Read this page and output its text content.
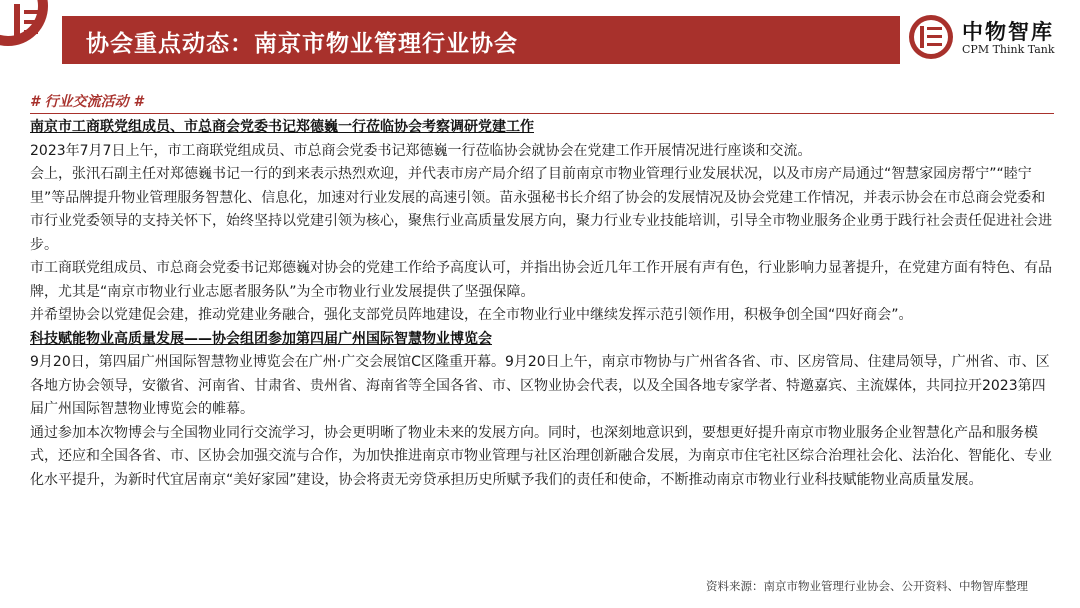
协会重点动态：南京市物业管理行业协会	中物智库
CPM Think Tank
# 行业交流活动 #

南京市工商联党组成员、市总商会党委书记郑德巍一行莅临协会考察调研党建工作

2023年7月7日上午，市工商联党组成员、市总商会党委书记郑德巍一行莅临协会就协会在党建工作开展情况进行座谈和交流。

会上，张汛石副主任对郑德巍书记一行的到来表示热烈欢迎，并代表市房产局介绍了目前南京市物业管理行业发展状况，以及市房产局通过“智慧家园房帮宁”“睦宁里”等品牌提升物业管理服务智慧化、信息化，加速对行业发展的高速引领。苗永强秘书长介绍了协会的发展情况及协会党建工作情况，并表示协会在市总商会党委和市行业党委领导的支持关怀下，始终坚持以党建引领为核心，聚焦行业高质量发展方向，聚力行业专业技能培训，引导全市物业服务企业勇于践行社会责任促进社会进步。

市工商联党组成员、市总商会党委书记郑德巍对协会的党建工作给予高度认可，并指出协会近几年工作开展有声有色，行业影响力显著提升，在党建方面有特色、有品牌，尤其是“南京市物业行业志愿者服务队”为全市物业行业发展提供了坚强保障。

并希望协会以党建促会建，推动党建业务融合，强化支部党员阵地建设，在全市物业行业中继续发挥示范引领作用，积极争创全国“四好商会”。

科技赋能物业高质量发展——协会组团参加第四届广州国际智慧物业博览会

9月20日，第四届广州国际智慧物业博览会在广州·广交会展馆C区隆重开幕。9月20日上午，南京市物协与广州省各省、市、区房管局、住建局领导，广州省、市、区各地方协会领导，安徽省、河南省、甘肃省、贵州省、海南省等全国各省、市、区物业协会代表，以及全国各地专家学者、特邀嘉宾、主流媒体，共同拉开2023第四届广州国际智慧物业博览会的帷幕。

通过参加本次物博会与全国物业同行交流学习，协会更明晰了物业未来的发展方向。同时，也深刻地意识到，要想更好提升南京市物业服务企业智慧化产品和服务模式，还应和全国各省、市、区协会加强交流与合作，为加快推进南京市物业管理与社区治理创新融合发展，为南京市住宅社区综合治理社会化、法治化、智能化、专业化水平提升，为新时代宜居南京“美好家园”建设，协会将责无旁贷承担历史所赋予我们的责任和使命，不断推动南京市物业行业科技赋能物业高质量发展。

资料来源：南京市物业管理行业协会、公开资料、中物智库整理
